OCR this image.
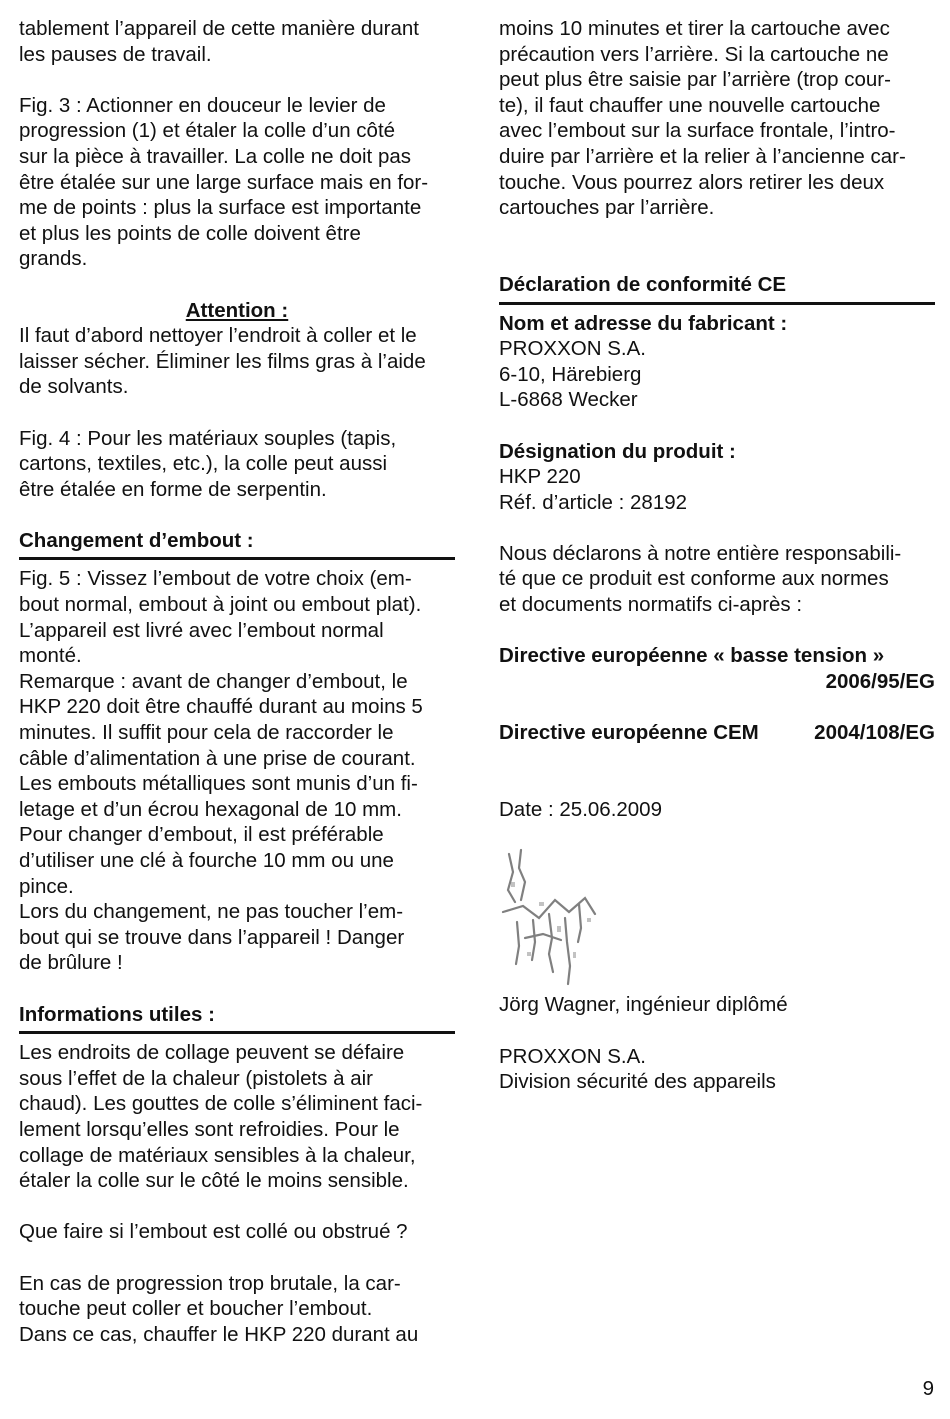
tablement l’appareil de cette manière durant
les pauses de travail.
Fig. 3 : Actionner en douceur le levier de
progression (1) et étaler la colle d’un côté
sur la pièce à travailler. La colle ne doit pas
être étalée sur une large surface mais en for-
me de points : plus la surface est importante
et plus les points de colle doivent être
grands.
Attention :
Il faut d’abord nettoyer l’endroit à coller et le
laisser sécher. Éliminer les films gras à l’aide
de solvants.
Fig. 4 : Pour les matériaux souples (tapis,
cartons, textiles, etc.), la colle peut aussi
être étalée en forme de serpentin.
Changement d’embout :
Fig. 5 : Vissez l’embout de votre choix (em-
bout normal, embout à joint ou embout plat).
L’appareil est livré avec l’embout normal
monté.
Remarque : avant de changer d’embout, le
HKP 220 doit être chauffé durant au moins 5
minutes. Il suffit pour cela de raccorder le
câble d’alimentation à une prise de courant.
Les embouts métalliques sont munis d’un fi-
letage et d’un écrou hexagonal de 10 mm.
Pour changer d’embout, il est préférable
d’utiliser une clé à fourche 10 mm ou une
pince.
Lors du changement, ne pas toucher l’em-
bout qui se trouve dans l’appareil ! Danger
de brûlure !
Informations utiles :
Les endroits de collage peuvent se défaire
sous l’effet de la chaleur (pistolets à air
chaud). Les gouttes de colle s’éliminent faci-
lement lorsqu’elles sont refroidies. Pour le
collage de matériaux sensibles à la chaleur,
étaler la colle sur le côté le moins sensible.
Que faire si l’embout est collé ou obstrué ?
En cas de progression trop brutale, la car-
touche peut coller et boucher l’embout.
Dans ce cas, chauffer le HKP 220 durant au
moins 10 minutes et tirer la cartouche avec
précaution vers l’arrière. Si la cartouche ne
peut plus être saisie par l’arrière (trop cour-
te), il faut chauffer une nouvelle cartouche
avec l’embout sur la surface frontale, l’intro-
duire par l’arrière et la relier à l’ancienne car-
touche. Vous pourrez alors retirer les deux
cartouches par l’arrière.
Déclaration de conformité CE
Nom et adresse du fabricant :
PROXXON S.A.
6-10, Härebierg
L-6868 Wecker
Désignation du produit :
HKP 220
Réf. d’article : 28192
Nous déclarons à notre entière responsabili-
té que ce produit est conforme aux normes
et documents normatifs ci-après :
Directive européenne « basse tension »
2006/95/EG
Directive européenne CEM	2004/108/EG
Date : 25.06.2009
Jörg Wagner, ingénieur diplômé
PROXXON S.A.
Division sécurité des appareils
9
